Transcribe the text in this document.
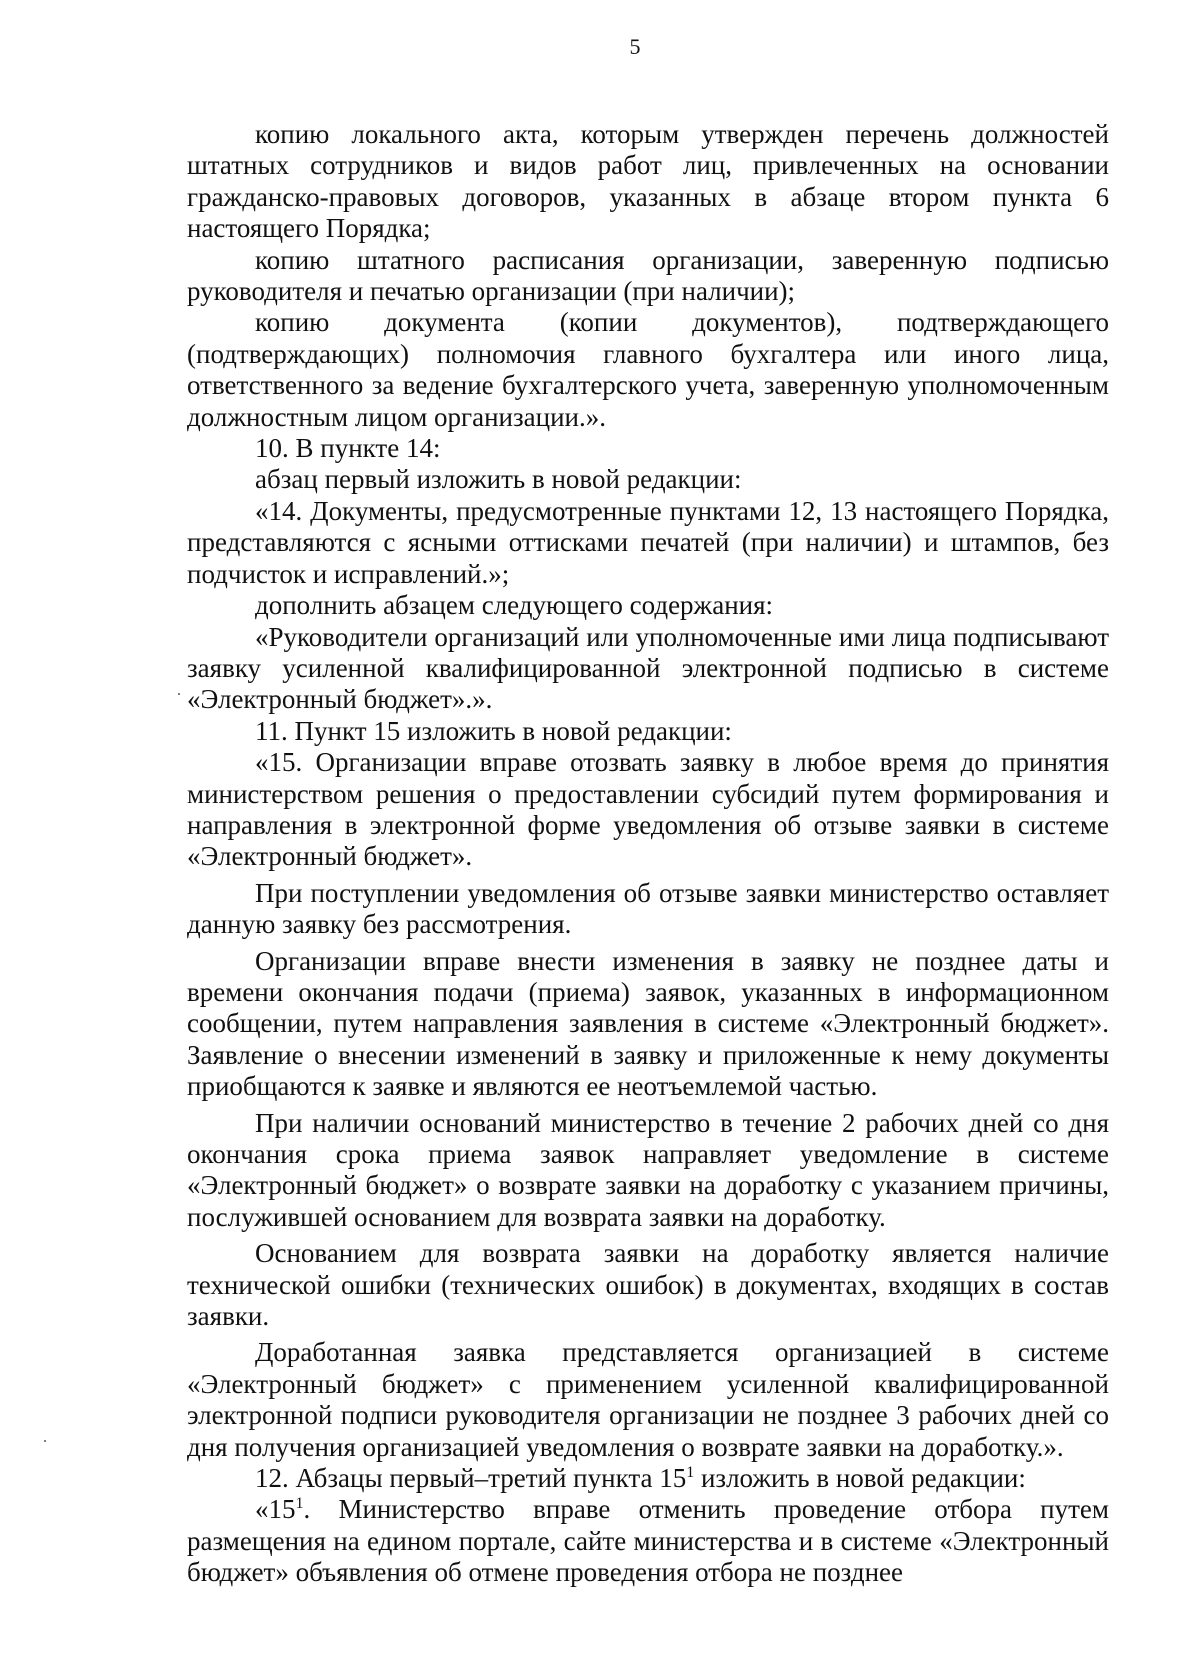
5

копию локального акта, которым утвержден перечень должностей штатных сотрудников и видов работ лиц, привлеченных на основании гражданско-правовых договоров, указанных в абзаце втором пункта 6 настоящего Порядка;

копию штатного расписания организации, заверенную подписью руководителя и печатью организации (при наличии);

копию документа (копии документов), подтверждающего (подтверждающих) полномочия главного бухгалтера или иного лица, ответственного за ведение бухгалтерского учета, заверенную уполномоченным должностным лицом организации.».

10. В пункте 14:

абзац первый изложить в новой редакции:

«14. Документы, предусмотренные пунктами 12, 13 настоящего Порядка, представляются с ясными оттисками печатей (при наличии) и штампов, без подчисток и исправлений.»;

дополнить абзацем следующего содержания:

«Руководители организаций или уполномоченные ими лица подписывают заявку усиленной квалифицированной электронной подписью в системе «Электронный бюджет».».

11. Пункт 15 изложить в новой редакции:

«15. Организации вправе отозвать заявку в любое время до принятия министерством решения о предоставлении субсидий путем формирования и направления в электронной форме уведомления об отзыве заявки в системе «Электронный бюджет».

При поступлении уведомления об отзыве заявки министерство оставляет данную заявку без рассмотрения.

Организации вправе внести изменения в заявку не позднее даты и времени окончания подачи (приема) заявок, указанных в информационном сообщении, путем направления заявления в системе «Электронный бюджет». Заявление о внесении изменений в заявку и приложенные к нему документы приобщаются к заявке и являются ее неотъемлемой частью.

При наличии оснований министерство в течение 2 рабочих дней со дня окончания срока приема заявок направляет уведомление в системе «Электронный бюджет» о возврате заявки на доработку с указанием причины, послужившей основанием для возврата заявки на доработку.

Основанием для возврата заявки на доработку является наличие технической ошибки (технических ошибок) в документах, входящих в состав заявки.

Доработанная заявка представляется организацией в системе «Электронный бюджет» с применением усиленной квалифицированной электронной подписи руководителя организации не позднее 3 рабочих дней со дня получения организацией уведомления о возврате заявки на доработку.».

12. Абзацы первый–третий пункта $15^1$ изложить в новой редакции:

«$15^1$. Министерство вправе отменить проведение отбора путем размещения на едином портале, сайте министерства и в системе «Электронный бюджет» объявления об отмене проведения отбора не позднее
